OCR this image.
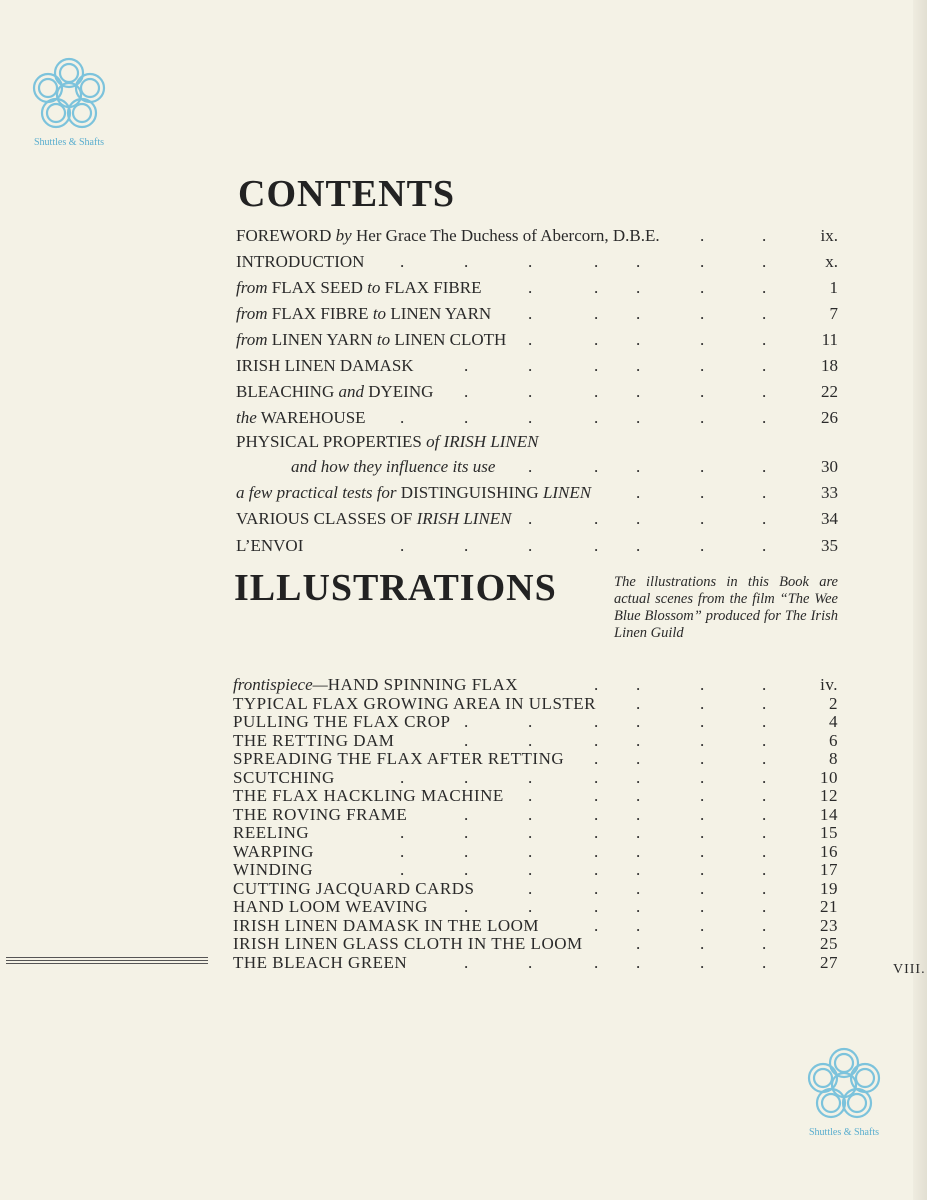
Shuttles & Shafts
Shuttles & Shafts
CONTENTS
FOREWORD by Her Grace The Duchess of Abercorn, D.B.E. .	.	ix.
INTRODUCTION .	.	.	. .	.	.	x.
from FLAX SEED to FLAX FIBRE	.	. .	.	.	1
from FLAX FIBRE to LINEN YARN .	. .	.	.	7
from LINEN YARN to LINEN CLOTH .	. .	.	.	11
IRISH LINEN DAMASK	.	.	. .	.	.	18
BLEACHING and DYEING .	.	. .	.	.	22
the WAREHOUSE .	.	.	. .	.	.	26
PHYSICAL PROPERTIES of IRISH LINEN
and how they influence its use .	. .	.	.	30
a few practical tests for DISTINGUISHING LINEN	.	.	.	33
VARIOUS CLASSES OF IRISH LINEN .	. .	.	.	34
L’ENVOI	.	.	.	. .	.	.	35
ILLUSTRATIONS	The illustrations in this Book are actual scenes from the film “The Wee Blue Blossom” produced for The Irish Linen Guild
frontispiece—HAND SPINNING FLAX	. .	.	.	iv.
TYPICAL FLAX GROWING AREA IN ULSTER .	.	.	2
PULLING THE FLAX CROP .	.	. .	.	.	4
THE RETTING DAM	.	.	. .	.	.	6
SPREADING THE FLAX AFTER RETTING . .	.	.	8
SCUTCHING	.	.	.	. .	.	.	10
THE FLAX HACKLING MACHINE .	. .	.	.	12
THE ROVING FRAME	.	.	. .	.	.	14
REELING	.	.	.	. .	.	.	15
WARPING	.	.	.	. .	.	.	16
WINDING	.	.	.	. .	.	.	17
CUTTING JACQUARD CARDS	.	. .	.	.	19
HAND LOOM WEAVING .	.	. .	.	.	21
IRISH LINEN DAMASK IN THE LOOM	. .	.	.	23
IRISH LINEN GLASS CLOTH IN THE LOOM	.	.	.	25
THE BLEACH GREEN	.	.	. .	.	.	27	VIII.
